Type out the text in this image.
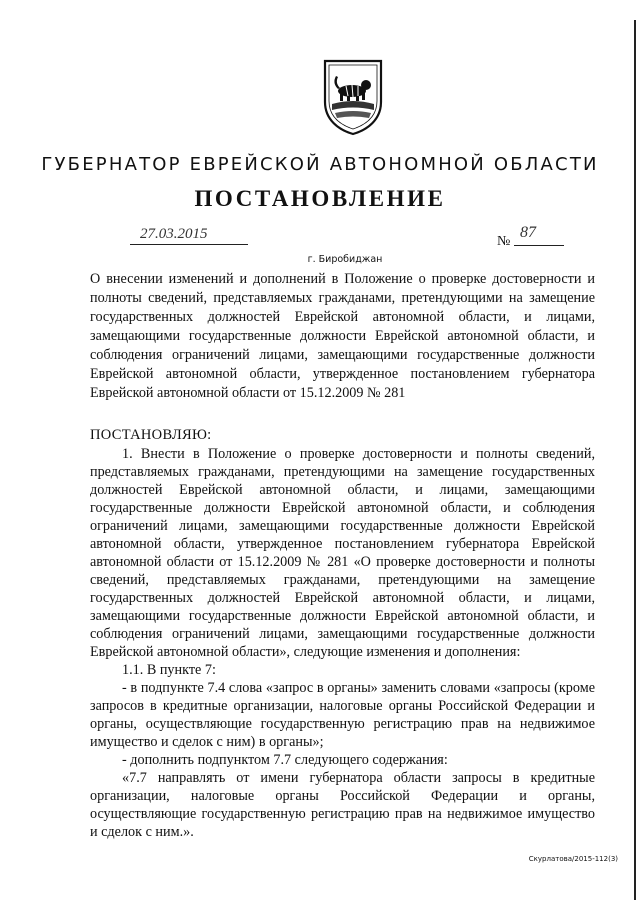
ГУБЕРНАТОР ЕВРЕЙСКОЙ АВТОНОМНОЙ ОБЛАСТИ
ПОСТАНОВЛЕНИЕ
27.03.2015	№
87
г. Биробиджан

О внесении изменений и дополнений в Положение о проверке достоверности и полноты сведений, представляемых гражданами, претендующими на замещение государственных должностей Еврейской автономной области, и лицами, замещающими государственные должности Еврейской автономной области, и соблюдения ограничений лицами, замещающими государственные должности Еврейской автономной области, утвержденное постановлением губернатора Еврейской автономной области от 15.12.2009 № 281

ПОСТАНОВЛЯЮ:

1. Внести в Положение о проверке достоверности и полноты сведений, представляемых гражданами, претендующими на замещение государственных должностей Еврейской автономной области, и лицами, замещающими государственные должности Еврейской автономной области, и соблюдения ограничений лицами, замещающими государственные должности Еврейской автономной области, утвержденное постановлением губернатора Еврейской автономной области от 15.12.2009 № 281 «О проверке достоверности и полноты сведений, представляемых гражданами, претендующими на замещение государственных должностей Еврейской автономной области, и лицами, замещающими государственные должности Еврейской автономной области, и соблюдения ограничений лицами, замещающими государственные должности Еврейской автономной области», следующие изменения и дополнения:

1.1. В пункте 7:

- в подпункте 7.4 слова «запрос в органы» заменить словами «запросы (кроме запросов в кредитные организации, налоговые органы Российской Федерации и органы, осуществляющие государственную регистрацию прав на недвижимое имущество и сделок с ним) в органы»;

- дополнить подпунктом 7.7 следующего содержания:

«7.7 направлять от имени губернатора области запросы в кредитные организации, налоговые органы Российской Федерации и органы, осуществляющие государственную регистрацию прав на недвижимое имущество и сделок с ним.».

Скурлатова/2015-112(3)
